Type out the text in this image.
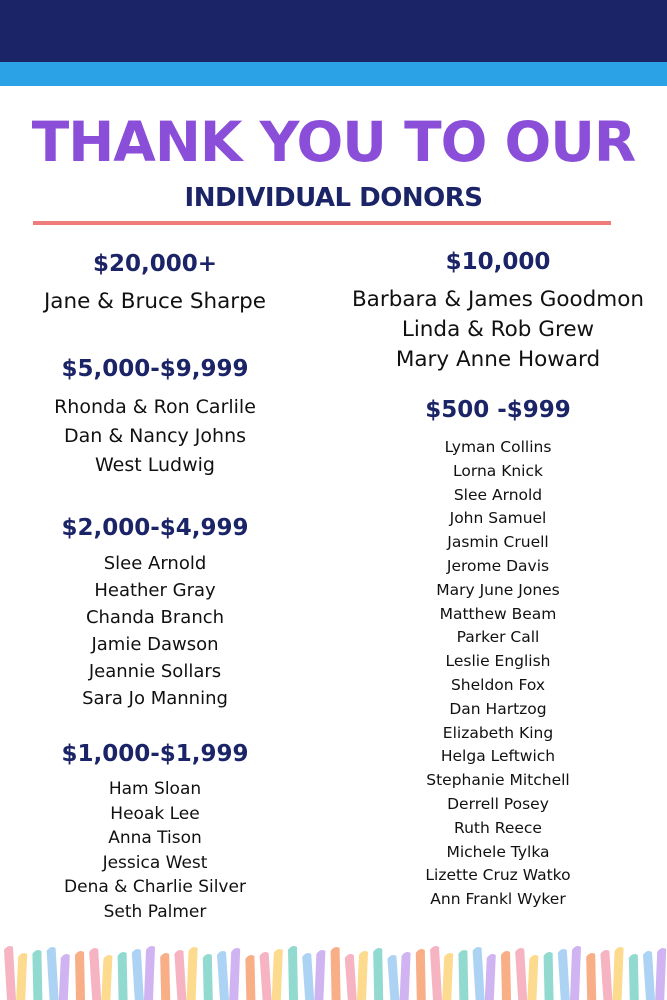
THANK YOU TO OUR
INDIVIDUAL DONORS
$20,000+
Jane & Bruce Sharpe
$5,000-$9,999
Rhonda & Ron Carlile
Dan & Nancy Johns
West Ludwig
$2,000-$4,999
Slee Arnold
Heather Gray
Chanda Branch
Jamie Dawson
Jeannie Sollars
Sara Jo Manning
$1,000-$1,999
Ham Sloan
Heoak Lee
Anna Tison
Jessica West
Dena & Charlie Silver
Seth Palmer
$10,000
Barbara & James Goodmon
Linda & Rob Grew
Mary Anne Howard
$500 -$999
Lyman Collins
Lorna Knick
Slee Arnold
John Samuel
Jasmin Cruell
Jerome Davis
Mary June Jones
Matthew Beam
Parker Call
Leslie English
Sheldon Fox
Dan Hartzog
Elizabeth King
Helga Leftwich
Stephanie Mitchell
Derrell Posey
Ruth Reece
Michele Tylka
Lizette Cruz Watko
Ann Frankl Wyker
